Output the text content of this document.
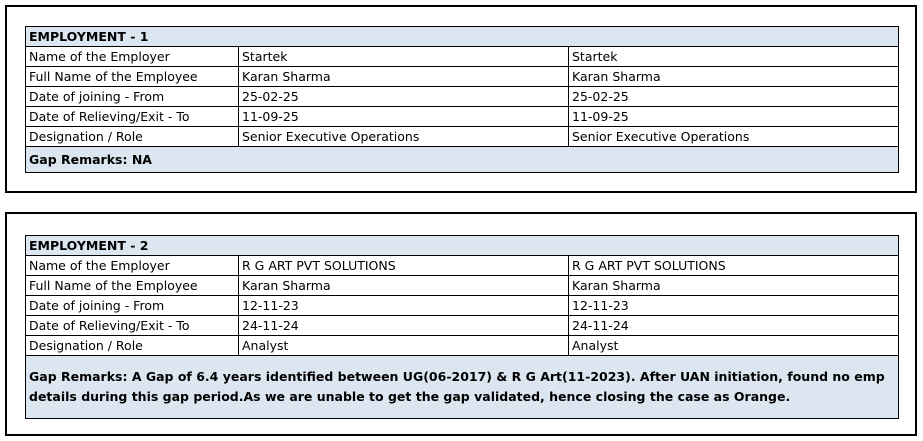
EMPLOYMENT - 1		
Name of the Employer	Startek	Startek
Full Name of the Employee	Karan Sharma	Karan Sharma
Date of joining - From	25-02-25	25-02-25
Date of Relieving/Exit - To	11-09-25	11-09-25
Designation / Role	Senior Executive Operations	Senior Executive Operations
Gap Remarks: NA		
EMPLOYMENT - 2		
Name of the Employer	R G ART PVT SOLUTIONS	R G ART PVT SOLUTIONS
Full Name of the Employee	Karan Sharma	Karan Sharma
Date of joining - From	12-11-23	12-11-23
Date of Relieving/Exit - To	24-11-24	24-11-24
Designation / Role	Analyst	Analyst
Gap Remarks: A Gap of 6.4 years identified between UG(06-2017) & R G Art(11-2023). After UAN initiation, found no emp details during this gap period.As we are unable to get the gap validated, hence closing the case as Orange.		
